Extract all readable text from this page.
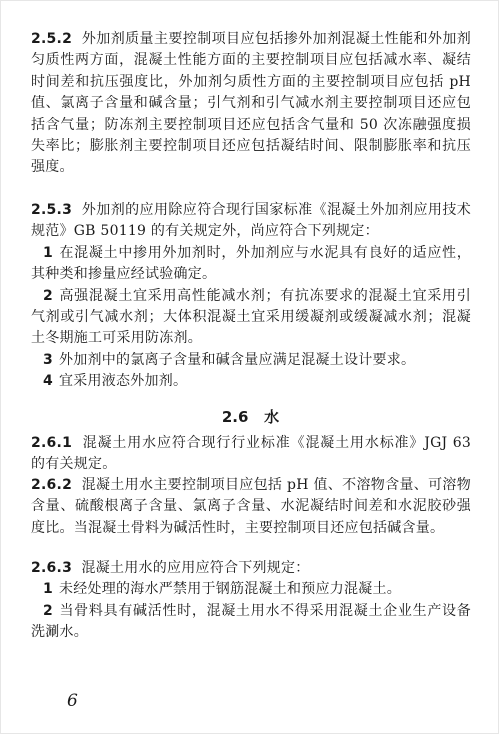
2.5.2 外加剂质量主要控制项目应包括掺外加剂混凝土性能和外加剂匀质性两方面，混凝土性能方面的主要控制项目应包括减水率、凝结时间差和抗压强度比，外加剂匀质性方面的主要控制项目应包括 pH 值、氯离子含量和碱含量；引气剂和引气减水剂主要控制项目还应包括含气量；防冻剂主要控制项目还应包括含气量和 50 次冻融强度损失率比；膨胀剂主要控制项目还应包括凝结时间、限制膨胀率和抗压强度。
2.5.3 外加剂的应用除应符合现行国家标准《混凝土外加剂应用技术规范》GB 50119 的有关规定外，尚应符合下列规定：
1 在混凝土中掺用外加剂时，外加剂应与水泥具有良好的适应性，其种类和掺量应经试验确定。
2 高强混凝土宜采用高性能减水剂；有抗冻要求的混凝土宜采用引气剂或引气减水剂；大体积混凝土宜采用缓凝剂或缓凝减水剂；混凝土冬期施工可采用防冻剂。
3 外加剂中的氯离子含量和碱含量应满足混凝土设计要求。
4 宜采用液态外加剂。
2.6 水
2.6.1 混凝土用水应符合现行行业标准《混凝土用水标准》JGJ 63 的有关规定。
2.6.2 混凝土用水主要控制项目应包括 pH 值、不溶物含量、可溶物含量、硫酸根离子含量、氯离子含量、水泥凝结时间差和水泥胶砂强度比。当混凝土骨料为碱活性时，主要控制项目还应包括碱含量。
2.6.3 混凝土用水的应用应符合下列规定：
1 未经处理的海水严禁用于钢筋混凝土和预应力混凝土。
2 当骨料具有碱活性时，混凝土用水不得采用混凝土企业生产设备洗涮水。
6
